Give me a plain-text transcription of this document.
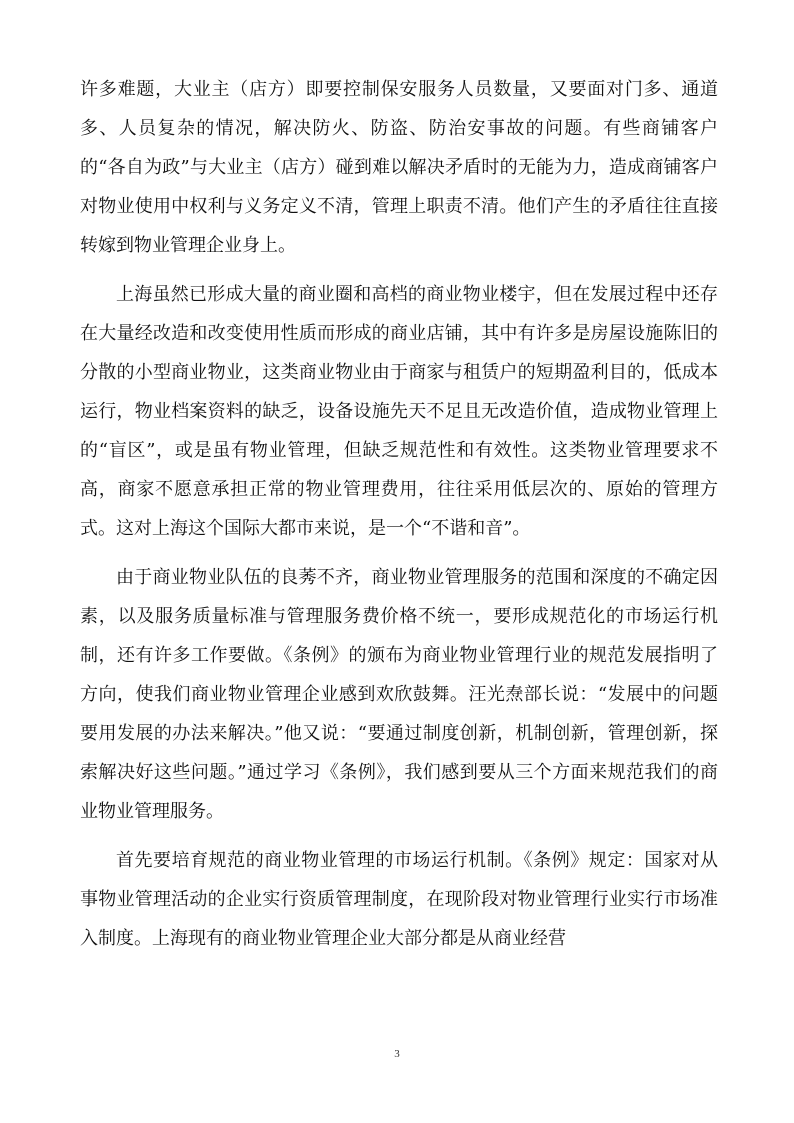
许多难题，大业主（店方）即要控制保安服务人员数量，又要面对门多、通道多、人员复杂的情况，解决防火、防盗、防治安事故的问题。有些商铺客户的“各自为政”与大业主（店方）碰到难以解决矛盾时的无能为力，造成商铺客户对物业使用中权利与义务定义不清，管理上职责不清。他们产生的矛盾往往直接转嫁到物业管理企业身上。

上海虽然已形成大量的商业圈和高档的商业物业楼宇，但在发展过程中还存在大量经改造和改变使用性质而形成的商业店铺，其中有许多是房屋设施陈旧的分散的小型商业物业，这类商业物业由于商家与租赁户的短期盈利目的，低成本运行，物业档案资料的缺乏，设备设施先天不足且无改造价值，造成物业管理上的“盲区”，或是虽有物业管理，但缺乏规范性和有效性。这类物业管理要求不高，商家不愿意承担正常的物业管理费用，往往采用低层次的、原始的管理方式。这对上海这个国际大都市来说，是一个“不谐和音”。

由于商业物业队伍的良莠不齐，商业物业管理服务的范围和深度的不确定因素，以及服务质量标准与管理服务费价格不统一，要形成规范化的市场运行机制，还有许多工作要做。《条例》的颁布为商业物业管理行业的规范发展指明了方向，使我们商业物业管理企业感到欢欣鼓舞。汪光焘部长说：“发展中的问题要用发展的办法来解决。”他又说：“要通过制度创新，机制创新，管理创新，探索解决好这些问题。”通过学习《条例》，我们感到要从三个方面来规范我们的商业物业管理服务。

首先要培育规范的商业物业管理的市场运行机制。《条例》规定：国家对从事物业管理活动的企业实行资质管理制度，在现阶段对物业管理行业实行市场准入制度。上海现有的商业物业管理企业大部分都是从商业经营

3
